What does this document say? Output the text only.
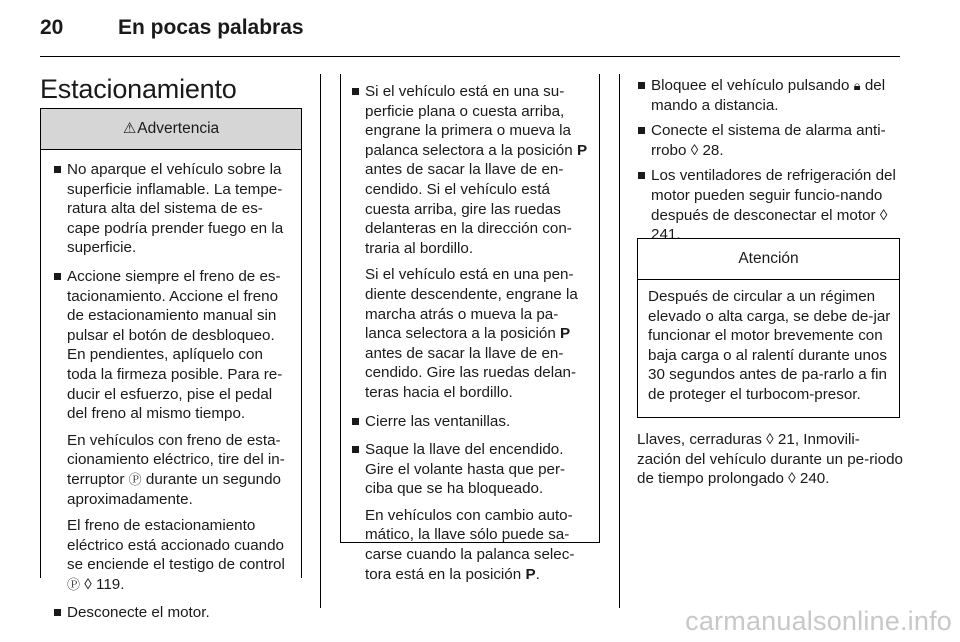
20	En pocas palabras
Estacionamiento
⚠Advertencia

No aparque el vehículo sobre la superficie inflamable. La tempe-ratura alta del sistema de es-cape podría prender fuego en la superficie.

Accione siempre el freno de es-tacionamiento. Accione el freno de estacionamiento manual sin pulsar el botón de desbloqueo. En pendientes, aplíquelo con toda la firmeza posible. Para re-ducir el esfuerzo, pise el pedal del freno al mismo tiempo.

En vehículos con freno de esta-cionamiento eléctrico, tire del in-terruptor Ⓟ durante un segundo aproximadamente.

El freno de estacionamiento eléctrico está accionado cuando se enciende el testigo de control Ⓟ ◊ 119.

Desconecte el motor.

Si el vehículo está en una su-perficie plana o cuesta arriba, engrane la primera o mueva la palanca selectora a la posición P antes de sacar la llave de en-cendido. Si el vehículo está cuesta arriba, gire las ruedas delanteras en la dirección con-traria al bordillo.

Si el vehículo está en una pen-diente descendente, engrane la marcha atrás o mueva la pa-lanca selectora a la posición P antes de sacar la llave de en-cendido. Gire las ruedas delan-teras hacia el bordillo.

Cierre las ventanillas.

Saque la llave del encendido. Gire el volante hasta que per-ciba que se ha bloqueado.

En vehículos con cambio auto-mático, la llave sólo puede sa-carse cuando la palanca selec-tora está en la posición P.

Bloquee el vehículo pulsando 🔒︎ del mando a distancia.

Conecte el sistema de alarma anti-rrobo ◊ 28.

Los ventiladores de refrigeración del motor pueden seguir funcio-nando después de desconectar el motor ◊ 241.

Atención
Después de circular a un régimen elevado o alta carga, se debe de-jar funcionar el motor brevemente con baja carga o al ralentí durante unos 30 segundos antes de pa-rarlo a fin de proteger el turbocom-presor.

Llaves, cerraduras ◊ 21, Inmovili-zación del vehículo durante un pe-riodo de tiempo prolongado ◊ 240.

carmanualsonline.info
